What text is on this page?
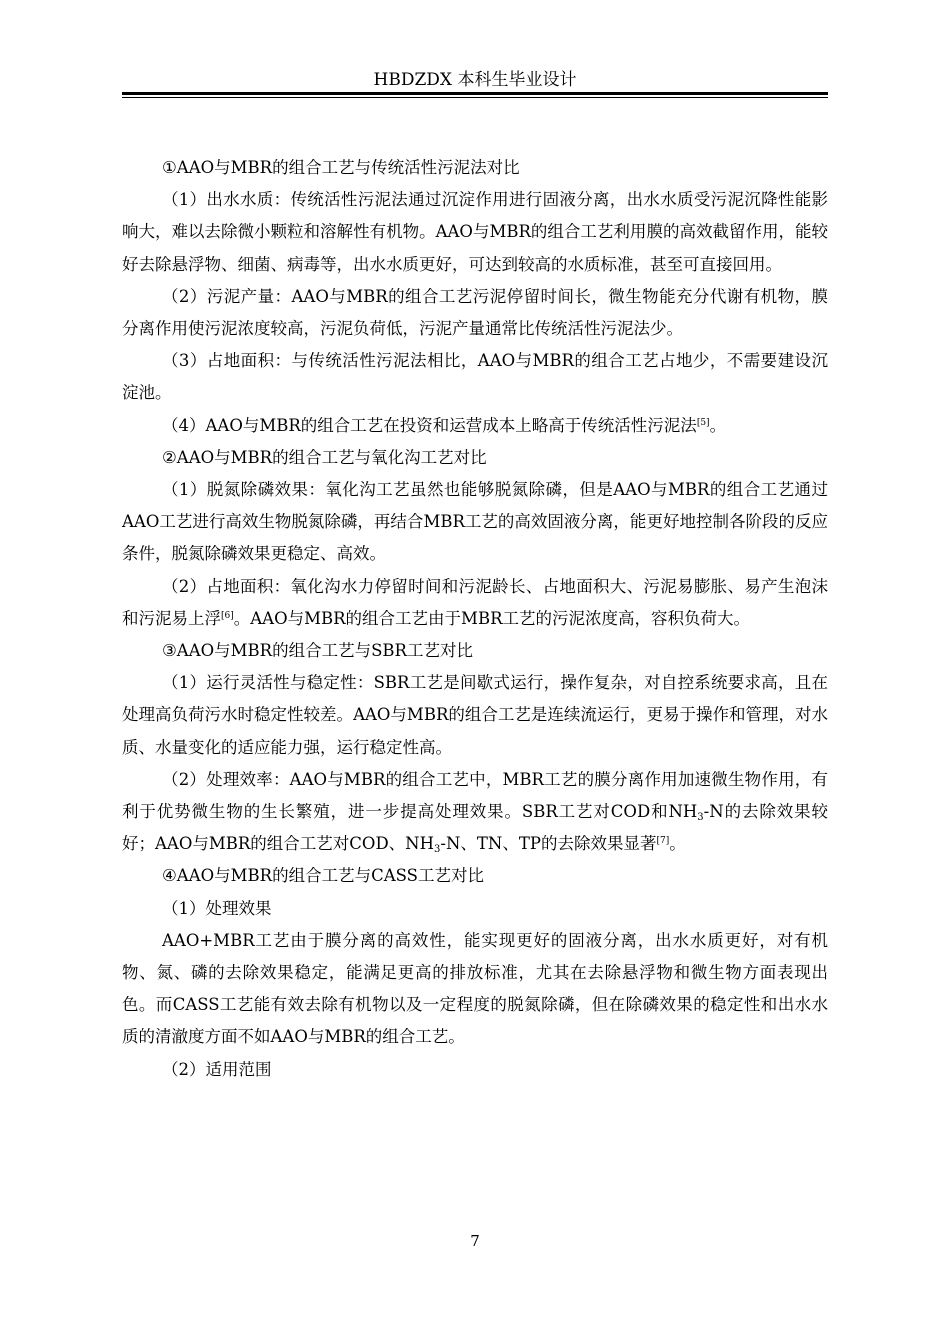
HBDZDX 本科生毕业设计

①AAO与MBR的组合工艺与传统活性污泥法对比

（1）出水水质：传统活性污泥法通过沉淀作用进行固液分离，出水水质受污泥沉降性能影响大，难以去除微小颗粒和溶解性有机物。AAO与MBR的组合工艺利用膜的高效截留作用，能较好去除悬浮物、细菌、病毒等，出水水质更好，可达到较高的水质标准，甚至可直接回用。

（2）污泥产量：AAO与MBR的组合工艺污泥停留时间长，微生物能充分代谢有机物，膜分离作用使污泥浓度较高，污泥负荷低，污泥产量通常比传统活性污泥法少。

（3）占地面积：与传统活性污泥法相比，AAO与MBR的组合工艺占地少，不需要建设沉淀池。

（4）AAO与MBR的组合工艺在投资和运营成本上略高于传统活性污泥法[5]。

②AAO与MBR的组合工艺与氧化沟工艺对比

（1）脱氮除磷效果：氧化沟工艺虽然也能够脱氮除磷，但是AAO与MBR的组合工艺通过AAO工艺进行高效生物脱氮除磷，再结合MBR工艺的高效固液分离，能更好地控制各阶段的反应条件，脱氮除磷效果更稳定、高效。

（2）占地面积：氧化沟水力停留时间和污泥龄长、占地面积大、污泥易膨胀、易产生泡沫和污泥易上浮[6]。AAO与MBR的组合工艺由于MBR工艺的污泥浓度高，容积负荷大。

③AAO与MBR的组合工艺与SBR工艺对比

（1）运行灵活性与稳定性：SBR工艺是间歇式运行，操作复杂，对自控系统要求高，且在处理高负荷污水时稳定性较差。AAO与MBR的组合工艺是连续流运行，更易于操作和管理，对水质、水量变化的适应能力强，运行稳定性高。

（2）处理效率：AAO与MBR的组合工艺中，MBR工艺的膜分离作用加速微生物作用，有利于优势微生物的生长繁殖，进一步提高处理效果。SBR工艺对COD和$NH_3-N$的去除效果较好；AAO与MBR的组合工艺对COD、$NH_3-N$、TN、TP的去除效果显著[7]。

④AAO与MBR的组合工艺与CASS工艺对比

（1）处理效果

AAO+MBR工艺由于膜分离的高效性，能实现更好的固液分离，出水水质更好，对有机物、氮、磷的去除效果稳定，能满足更高的排放标准，尤其在去除悬浮物和微生物方面表现出色。而CASS工艺能有效去除有机物以及一定程度的脱氮除磷，但在除磷效果的稳定性和出水水质的清澈度方面不如AAO与MBR的组合工艺。

（2）适用范围

7
